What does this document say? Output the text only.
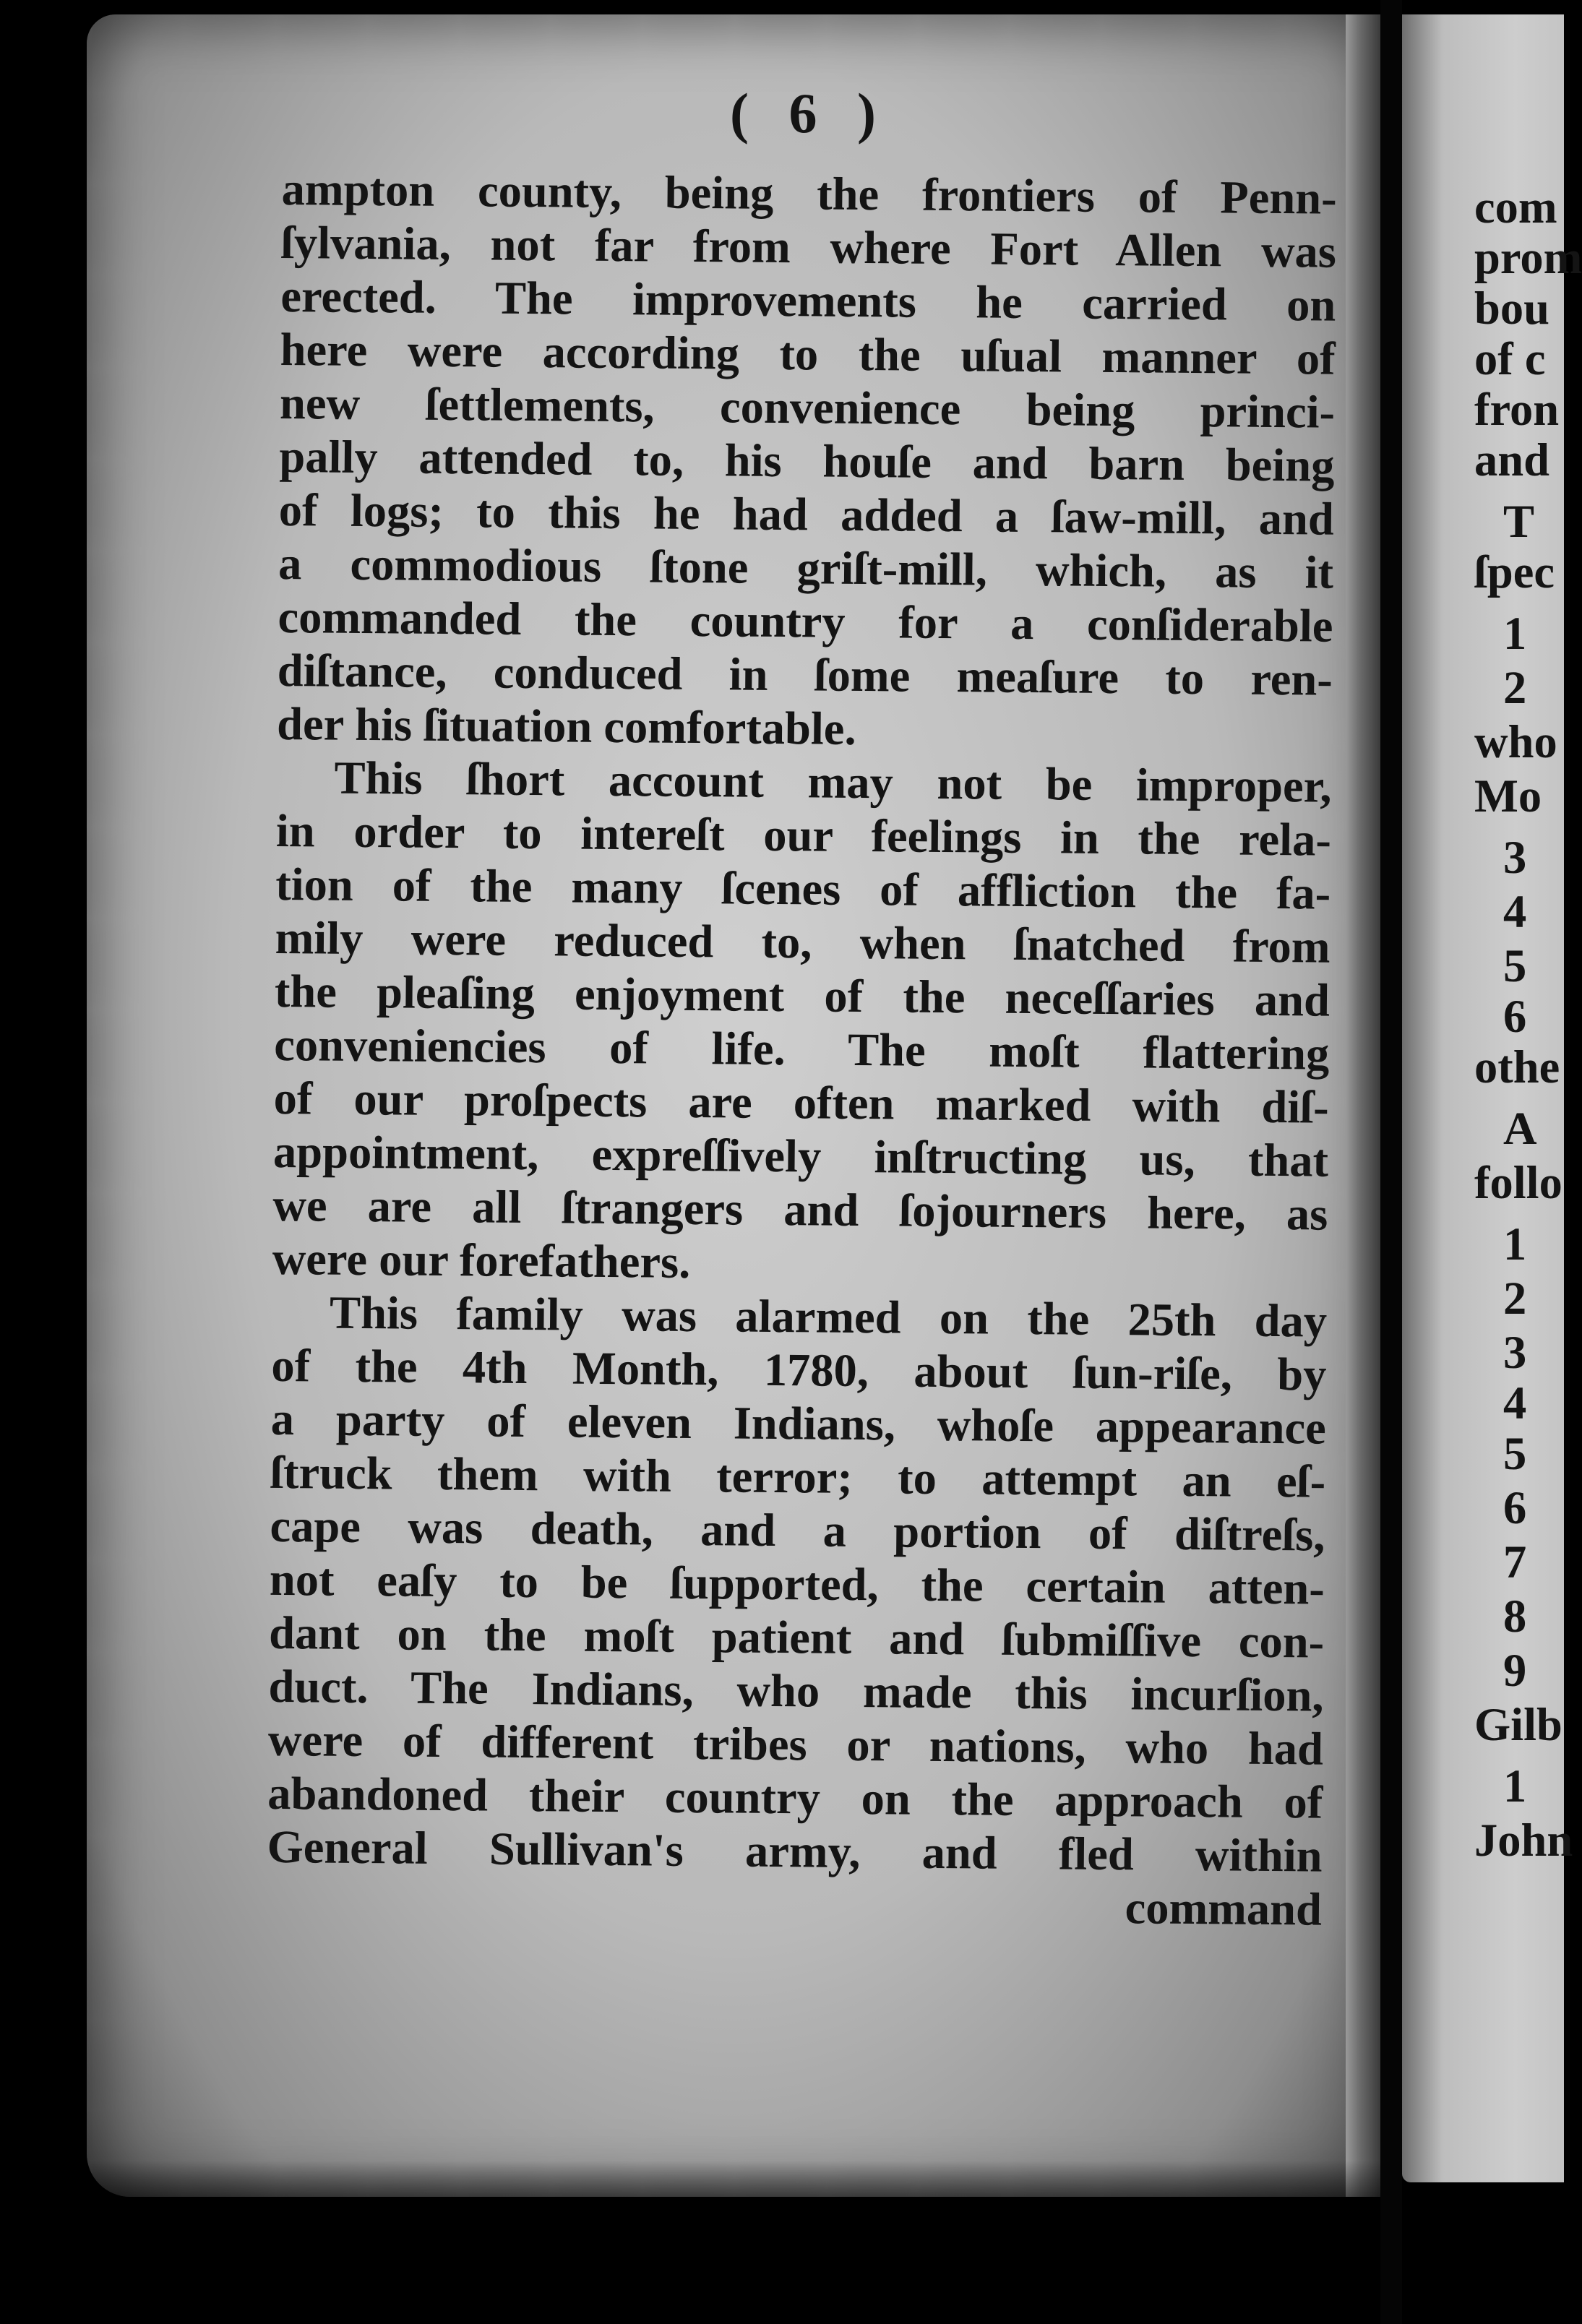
( 6 )
ampton county, being the frontiers of Penn-
ſylvania, not far from where Fort Allen was
erected. The improvements he carried on
here were according to the uſual manner of
new ſettlements, convenience being princi-
pally attended to, his houſe and barn being
of logs; to this he had added a ſaw-mill, and
a commodious ſtone griſt-mill, which, as it
commanded the country for a conſiderable
diſtance, conduced in ſome meaſure to ren-
der his ſituation comfortable.
This ſhort account may not be improper,
in order to intereſt our feelings in the rela-
tion of the many ſcenes of affliction the fa-
mily were reduced to, when ſnatched from
the pleaſing enjoyment of the neceſſaries and
conveniencies of life. The moſt flattering
of our proſpects are often marked with diſ-
appointment, expreſſively inſtructing us, that
we are all ſtrangers and ſojourners here, as
were our forefathers.
This family was alarmed on the 25th day
of the 4th Month, 1780, about ſun-riſe, by
a party of eleven Indians, whoſe appearance
ſtruck them with terror; to attempt an eſ-
cape was death, and a portion of diſtreſs,
not eaſy to be ſupported, the certain atten-
dant on the moſt patient and ſubmiſſive con-
duct. The Indians, who made this incurſion,
were of different tribes or nations, who had
abandoned their country on the approach of
General Sullivan's army, and fled within
command
com
prom
bou
of c
fron
and
T
ſpec
1
2
who
Mo
3
4
5
6
othe
A
follo
1
2
3
4
5
6
7
8
9
Gilb
1
John
